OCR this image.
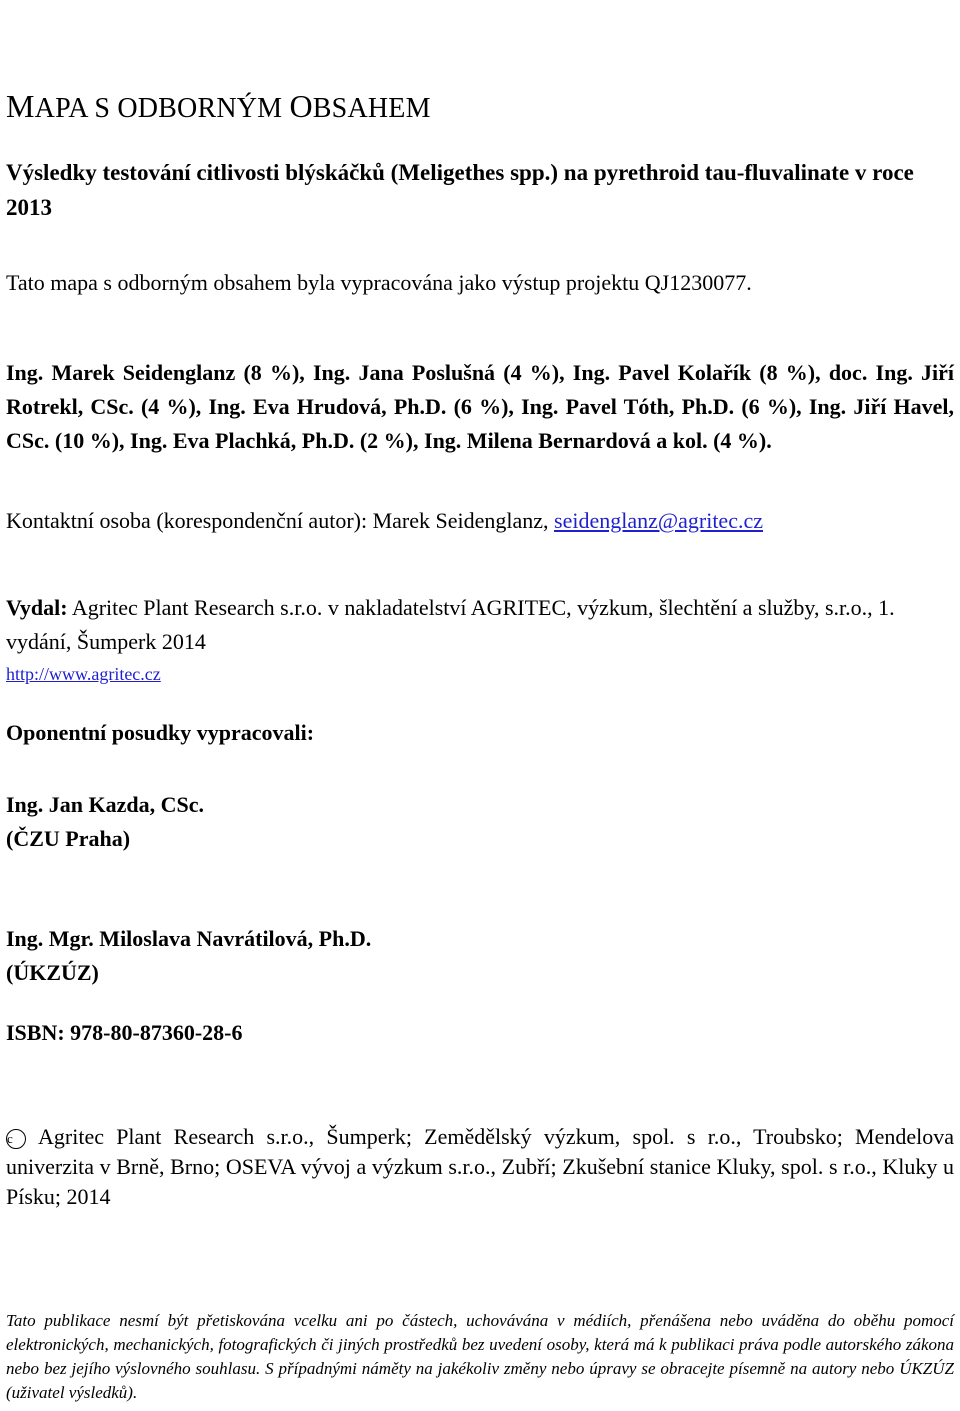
MAPA S ODBORNÝM OBSAHEM
Výsledky testování citlivosti blýskáčků (Meligethes spp.) na pyrethroid tau-fluvalinate v roce 2013
Tato mapa s odborným obsahem byla vypracována jako výstup projektu QJ1230077.
Ing. Marek Seidenglanz (8 %), Ing. Jana Poslušná (4 %), Ing. Pavel Kolařík (8 %), doc. Ing. Jiří Rotrekl, CSc. (4 %), Ing. Eva Hrudová, Ph.D. (6 %), Ing. Pavel Tóth, Ph.D. (6 %), Ing. Jiří Havel, CSc. (10 %), Ing. Eva Plachká, Ph.D. (2 %), Ing. Milena Bernardová a kol. (4 %).
Kontaktní osoba (korespondenční autor): Marek Seidenglanz, seidenglanz@agritec.cz
Vydal: Agritec Plant Research s.r.o. v nakladatelství AGRITEC, výzkum, šlechtění a služby, s.r.o., 1. vydání, Šumperk 2014
http://www.agritec.cz
Oponentní posudky vypracovali:
Ing. Jan Kazda, CSc.
(ČZU Praha)
Ing. Mgr. Miloslava Navrátilová, Ph.D.
(ÚKZÚZ)
ISBN: 978-80-87360-28-6
c Agritec Plant Research s.r.o., Šumperk; Zemědělský výzkum, spol. s r.o., Troubsko; Mendelova univerzita v Brně, Brno; OSEVA vývoj a výzkum s.r.o., Zubří; Zkušební stanice Kluky, spol. s r.o., Kluky u Písku; 2014
Tato publikace nesmí být přetiskována vcelku ani po částech, uchovávána v médiích, přenášena nebo uváděna do oběhu pomocí elektronických, mechanických, fotografických či jiných prostředků bez uvedení osoby, která má k publikaci práva podle autorského zákona nebo bez jejího výslovného souhlasu. S případnými náměty na jakékoliv změny nebo úpravy se obracejte písemně na autory nebo ÚKZÚZ (uživatel výsledků).
